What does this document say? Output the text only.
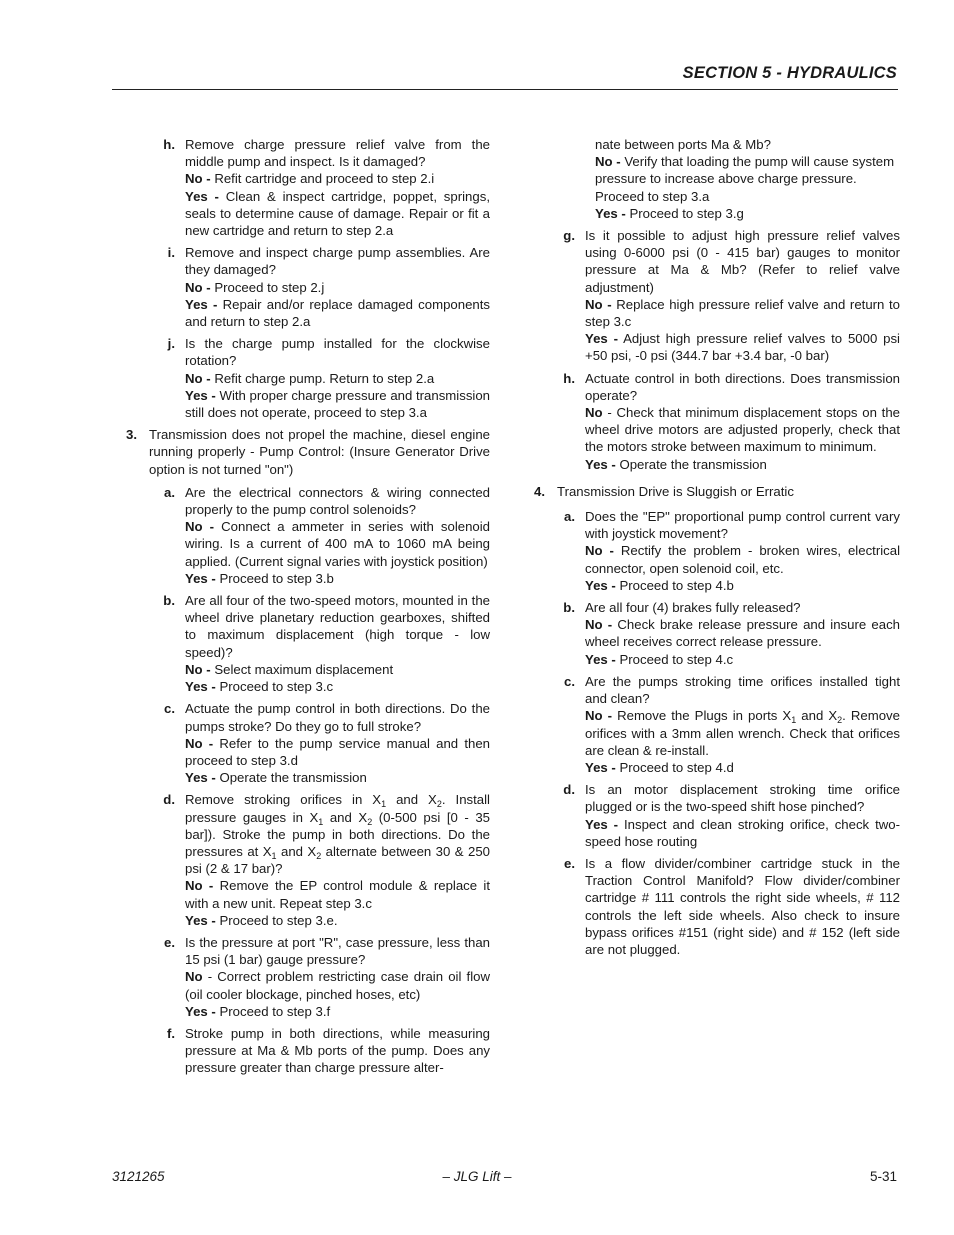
SECTION 5 - HYDRAULICS
h. Remove charge pressure relief valve from the middle pump and inspect. Is it damaged?
No - Refit cartridge and proceed to step 2.i
Yes - Clean & inspect cartridge, poppet, springs, seals to determine cause of damage. Repair or fit a new cartridge and return to step 2.a
i. Remove and inspect charge pump assemblies. Are they damaged?
No - Proceed to step 2.j
Yes - Repair and/or replace damaged components and return to step 2.a
j. Is the charge pump installed for the clockwise rotation?
No - Refit charge pump. Return to step 2.a
Yes - With proper charge pressure and transmission still does not operate, proceed to step 3.a
3. Transmission does not propel the machine, diesel engine running properly - Pump Control: (Insure Generator Drive option is not turned "on")
a. Are the electrical connectors & wiring connected properly to the pump control solenoids?
No - Connect a ammeter in series with solenoid wiring. Is a current of 400 mA to 1060 mA being applied. (Current signal varies with joystick position)
Yes - Proceed to step 3.b
b. Are all four of the two-speed motors, mounted in the wheel drive planetary reduction gearboxes, shifted to maximum displacement (high torque - low speed)?
No - Select maximum displacement
Yes - Proceed to step 3.c
c. Actuate the pump control in both directions. Do the pumps stroke? Do they go to full stroke?
No - Refer to the pump service manual and then proceed to step 3.d
Yes - Operate the transmission
d. Remove stroking orifices in $X_1$ and $X_2$. Install pressure gauges in $X_1$ and $X_2$ (0-500 psi [0 - 35 bar]). Stroke the pump in both directions. Do the pressures at $X_1$ and $X_2$ alternate between 30 & 250 psi (2 & 17 bar)?
No - Remove the EP control module & replace it with a new unit. Repeat step 3.c
Yes - Proceed to step 3.e.
e. Is the pressure at port "R", case pressure, less than 15 psi (1 bar) gauge pressure?
No - Correct problem restricting case drain oil flow (oil cooler blockage, pinched hoses, etc)
Yes - Proceed to step 3.f
f. Stroke pump in both directions, while measuring pressure at Ma & Mb ports of the pump. Does any pressure greater than charge pressure alter-
nate between ports Ma & Mb?
No - Verify that loading the pump will cause system pressure to increase above charge pressure. Proceed to step 3.a
Yes - Proceed to step 3.g
g. Is it possible to adjust high pressure relief valves using 0-6000 psi (0 - 415 bar) gauges to monitor pressure at Ma & Mb? (Refer to relief valve adjustment)
No - Replace high pressure relief valve and return to step 3.c
Yes - Adjust high pressure relief valves to 5000 psi +50 psi, -0 psi (344.7 bar +3.4 bar, -0 bar)
h. Actuate control in both directions. Does transmission operate?
No - Check that minimum displacement stops on the wheel drive motors are adjusted properly, check that the motors stroke between maximum to minimum.
Yes - Operate the transmission
4. Transmission Drive is Sluggish or Erratic
a. Does the "EP" proportional pump control current vary with joystick movement?
No - Rectify the problem - broken wires, electrical connector, open solenoid coil, etc.
Yes - Proceed to step 4.b
b. Are all four (4) brakes fully released?
No - Check brake release pressure and insure each wheel receives correct release pressure.
Yes - Proceed to step 4.c
c. Are the pumps stroking time orifices installed tight and clean?
No - Remove the Plugs in ports $X_1$ and $X_2$. Remove orifices with a 3mm allen wrench. Check that orifices are clean & re-install.
Yes - Proceed to step 4.d
d. Is an motor displacement stroking time orifice plugged or is the two-speed shift hose pinched?
Yes - Inspect and clean stroking orifice, check two-speed hose routing
e. Is a flow divider/combiner cartridge stuck in the Traction Control Manifold? Flow divider/combiner cartridge # 111 controls the right side wheels, # 112 controls the left side wheels. Also check to insure bypass orifices #151 (right side) and # 152 (left side are not plugged.
3121265	– JLG Lift –	5-31
